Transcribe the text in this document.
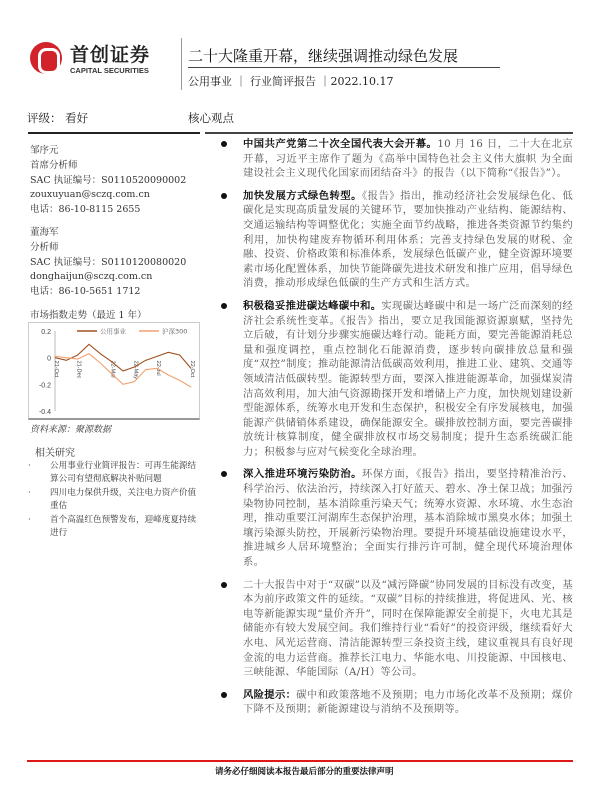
首创证券
CAPITAL SECURITIES
二十大隆重开幕，继续强调推动绿色发展
公用事业 ｜ 行业简评报告 ｜2022.10.17
评级： 看好	核心观点
邹序元
首席分析师
SAC 执证编号：S0110520090002
zouxuyuan@sczq.com.cn
电话：86-10-8115 2655
董海军
分析师
SAC 执证编号：S0110120080020
donghaijun@sczq.com.cn
电话：86-10-5651 1712
市场指数走势（最近 1 年）
0.2
0
-0.2
-0.4
21-Oct	21-Dec	22-Mar	22-May	22-Jul	22-Oct
公用事业	沪深300
资料来源：聚源数据
相关研究
· 公用事业行业简评报告：可再生能源结算公司有望彻底解决补贴问题
· 四川电力保供升级，关注电力资产价值重估
· 首个高温红色预警发布，迎峰度夏持续进行
中国共产党第二十次全国代表大会开幕。10 月 16 日，二十大在北京开幕，习近平主席作了题为《高举中国特色社会主义伟大旗帜 为全面建设社会主义现代化国家而团结奋斗》的报告（以下简称“《报告》”）。
加快发展方式绿色转型。《报告》指出，推动经济社会发展绿色化、低碳化是实现高质量发展的关键环节，要加快推动产业结构、能源结构、交通运输结构等调整优化；实施全面节约战略，推进各类资源节约集约利用，加快构建废弃物循环利用体系；完善支持绿色发展的财税、金融、投资、价格政策和标准体系，发展绿色低碳产业，健全资源环境要素市场化配置体系，加快节能降碳先进技术研发和推广应用，倡导绿色消费，推动形成绿色低碳的生产方式和生活方式。
积极稳妥推进碳达峰碳中和。实现碳达峰碳中和是一场广泛而深刻的经济社会系统性变革。《报告》指出，要立足我国能源资源禀赋，坚持先立后破，有计划分步骤实施碳达峰行动。能耗方面，要完善能源消耗总量和强度调控，重点控制化石能源消费，逐步转向碳排放总量和强度“双控”制度；推动能源清洁低碳高效利用，推进工业、建筑、交通等领域清洁低碳转型。能源转型方面，要深入推进能源革命，加强煤炭清洁高效利用，加大油气资源勘探开发和增储上产力度，加快规划建设新型能源体系，统筹水电开发和生态保护，积极安全有序发展核电，加强能源产供储销体系建设，确保能源安全。碳排放控制方面，要完善碳排放统计核算制度，健全碳排放权市场交易制度；提升生态系统碳汇能力；积极参与应对气候变化全球治理。
深入推进环境污染防治。环保方面，《报告》指出，要坚持精准治污、科学治污、依法治污，持续深入打好蓝天、碧水、净土保卫战；加强污染物协同控制，基本消除重污染天气；统筹水资源、水环境、水生态治理，推动重要江河湖库生态保护治理，基本消除城市黑臭水体；加强土壤污染源头防控，开展新污染物治理。要提升环境基础设施建设水平，推进城乡人居环境整治；全面实行排污许可制，健全现代环境治理体系。
二十大报告中对于“双碳”以及“减污降碳”协同发展的目标没有改变，基本为前序政策文件的延续。“双碳”目标的持续推进，将促进风、光、核电等新能源实现“量价齐升”，同时在保障能源安全前提下，火电尤其是储能亦有较大发展空间。我们维持行业“看好”的投资评级，继续看好大水电、风光运营商、清洁能源转型三条投资主线，建议重视具有良好现金流的电力运营商。推荐长江电力、华能水电、川投能源、中国核电、三峡能源、华能国际（A/H）等公司。
风险提示：碳中和政策落地不及预期；电力市场化改革不及预期；煤价下降不及预期；新能源建设与消纳不及预期等。
请务必仔细阅读本报告最后部分的重要法律声明
